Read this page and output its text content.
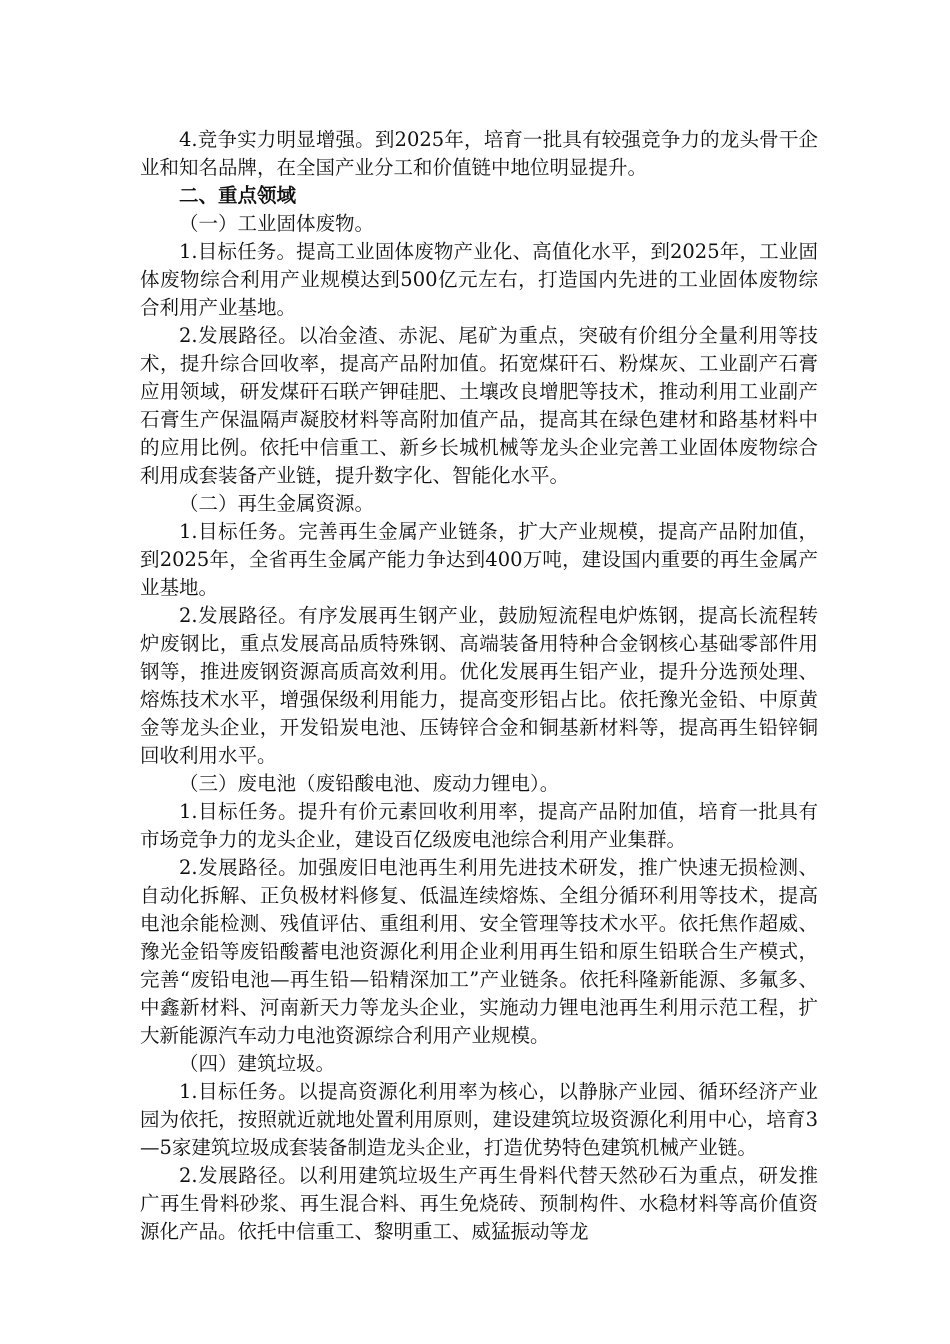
4.竞争实力明显增强。到2025年，培育一批具有较强竞争力的龙头骨干企业和知名品牌，在全国产业分工和价值链中地位明显提升。

二、重点领域

（一）工业固体废物。

1.目标任务。提高工业固体废物产业化、高值化水平，到2025年，工业固体废物综合利用产业规模达到500亿元左右，打造国内先进的工业固体废物综合利用产业基地。

2.发展路径。以冶金渣、赤泥、尾矿为重点，突破有价组分全量利用等技术，提升综合回收率，提高产品附加值。拓宽煤矸石、粉煤灰、工业副产石膏应用领域，研发煤矸石联产钾硅肥、土壤改良增肥等技术，推动利用工业副产石膏生产保温隔声凝胶材料等高附加值产品，提高其在绿色建材和路基材料中的应用比例。依托中信重工、新乡长城机械等龙头企业完善工业固体废物综合利用成套装备产业链，提升数字化、智能化水平。

（二）再生金属资源。

1.目标任务。完善再生金属产业链条，扩大产业规模，提高产品附加值，到2025年，全省再生金属产能力争达到400万吨，建设国内重要的再生金属产业基地。

2.发展路径。有序发展再生钢产业，鼓励短流程电炉炼钢，提高长流程转炉废钢比，重点发展高品质特殊钢、高端装备用特种合金钢核心基础零部件用钢等，推进废钢资源高质高效利用。优化发展再生铝产业，提升分选预处理、熔炼技术水平，增强保级利用能力，提高变形铝占比。依托豫光金铅、中原黄金等龙头企业，开发铅炭电池、压铸锌合金和铜基新材料等，提高再生铅锌铜回收利用水平。

（三）废电池（废铅酸电池、废动力锂电）。

1.目标任务。提升有价元素回收利用率，提高产品附加值，培育一批具有市场竞争力的龙头企业，建设百亿级废电池综合利用产业集群。

2.发展路径。加强废旧电池再生利用先进技术研发，推广快速无损检测、自动化拆解、正负极材料修复、低温连续熔炼、全组分循环利用等技术，提高电池余能检测、残值评估、重组利用、安全管理等技术水平。依托焦作超威、豫光金铅等废铅酸蓄电池资源化利用企业利用再生铅和原生铅联合生产模式，完善“废铅电池—再生铅—铅精深加工”产业链条。依托科隆新能源、多氟多、中鑫新材料、河南新天力等龙头企业，实施动力锂电池再生利用示范工程，扩大新能源汽车动力电池资源综合利用产业规模。

（四）建筑垃圾。

1.目标任务。以提高资源化利用率为核心，以静脉产业园、循环经济产业园为依托，按照就近就地处置利用原则，建设建筑垃圾资源化利用中心，培育3—5家建筑垃圾成套装备制造龙头企业，打造优势特色建筑机械产业链。

2.发展路径。以利用建筑垃圾生产再生骨料代替天然砂石为重点，研发推广再生骨料砂浆、再生混合料、再生免烧砖、预制构件、水稳材料等高价值资源化产品。依托中信重工、黎明重工、威猛振动等龙
